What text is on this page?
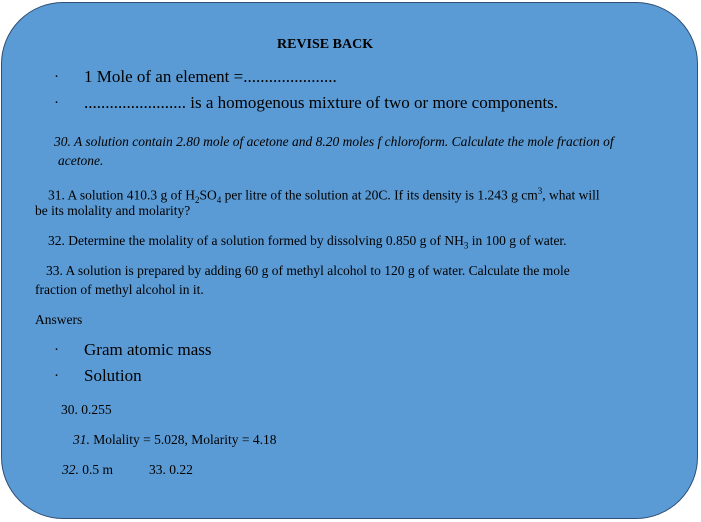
REVISE BACK
· 1 Mole of an element =......................
· ........................ is a homogenous mixture of two or more components.
30. A solution contain 2.80 mole of acetone and 8.20 moles f chloroform. Calculate the mole fraction of
acetone.
31. A solution 410.3 g of $H_2SO_4$ per litre of the solution at 20C. If its density is 1.243 g $cm^3$, what will
be its molality and molarity?
32. Determine the molality of a solution formed by dissolving 0.850 g of $NH_3$ in 100 g of water.
33. A solution is prepared by adding 60 g of methyl alcohol to 120 g of water. Calculate the mole
fraction of methyl alcohol in it.
Answers
· Gram atomic mass
· Solution
30. 0.255
31. Molality = 5.028, Molarity = 4.18
32. 0.5 m	33. 0.22
